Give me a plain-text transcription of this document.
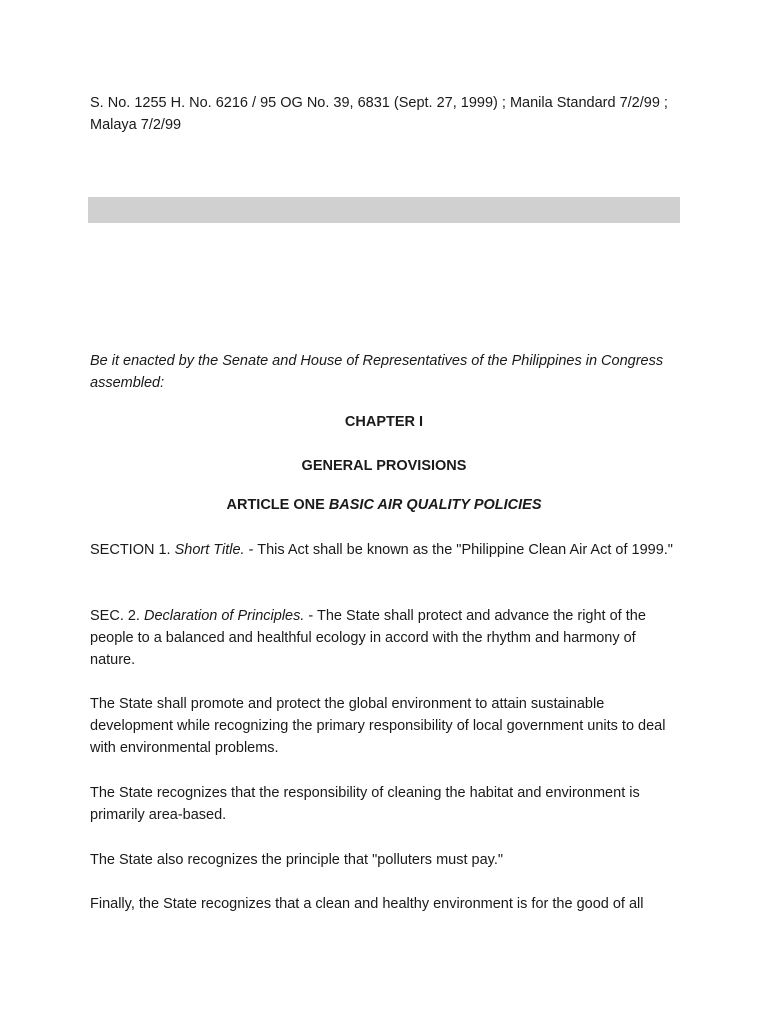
S. No. 1255 H. No. 6216 / 95 OG No. 39, 6831 (Sept. 27, 1999) ; Manila Standard 7/2/99 ; Malaya 7/2/99
Be it enacted by the Senate and House of Representatives of the Philippines in Congress assembled:
CHAPTER I
GENERAL PROVISIONS
ARTICLE ONE BASIC AIR QUALITY POLICIES
SECTION 1. Short Title. - This Act shall be known as the "Philippine Clean Air Act of 1999."
SEC. 2. Declaration of Principles. - The State shall protect and advance the right of the people to a balanced and healthful ecology in accord with the rhythm and harmony of nature.
The State shall promote and protect the global environment to attain sustainable development while recognizing the primary responsibility of local government units to deal with environmental problems.
The State recognizes that the responsibility of cleaning the habitat and environment is primarily area-based.
The State also recognizes the principle that "polluters must pay."
Finally, the State recognizes that a clean and healthy environment is for the good of all
